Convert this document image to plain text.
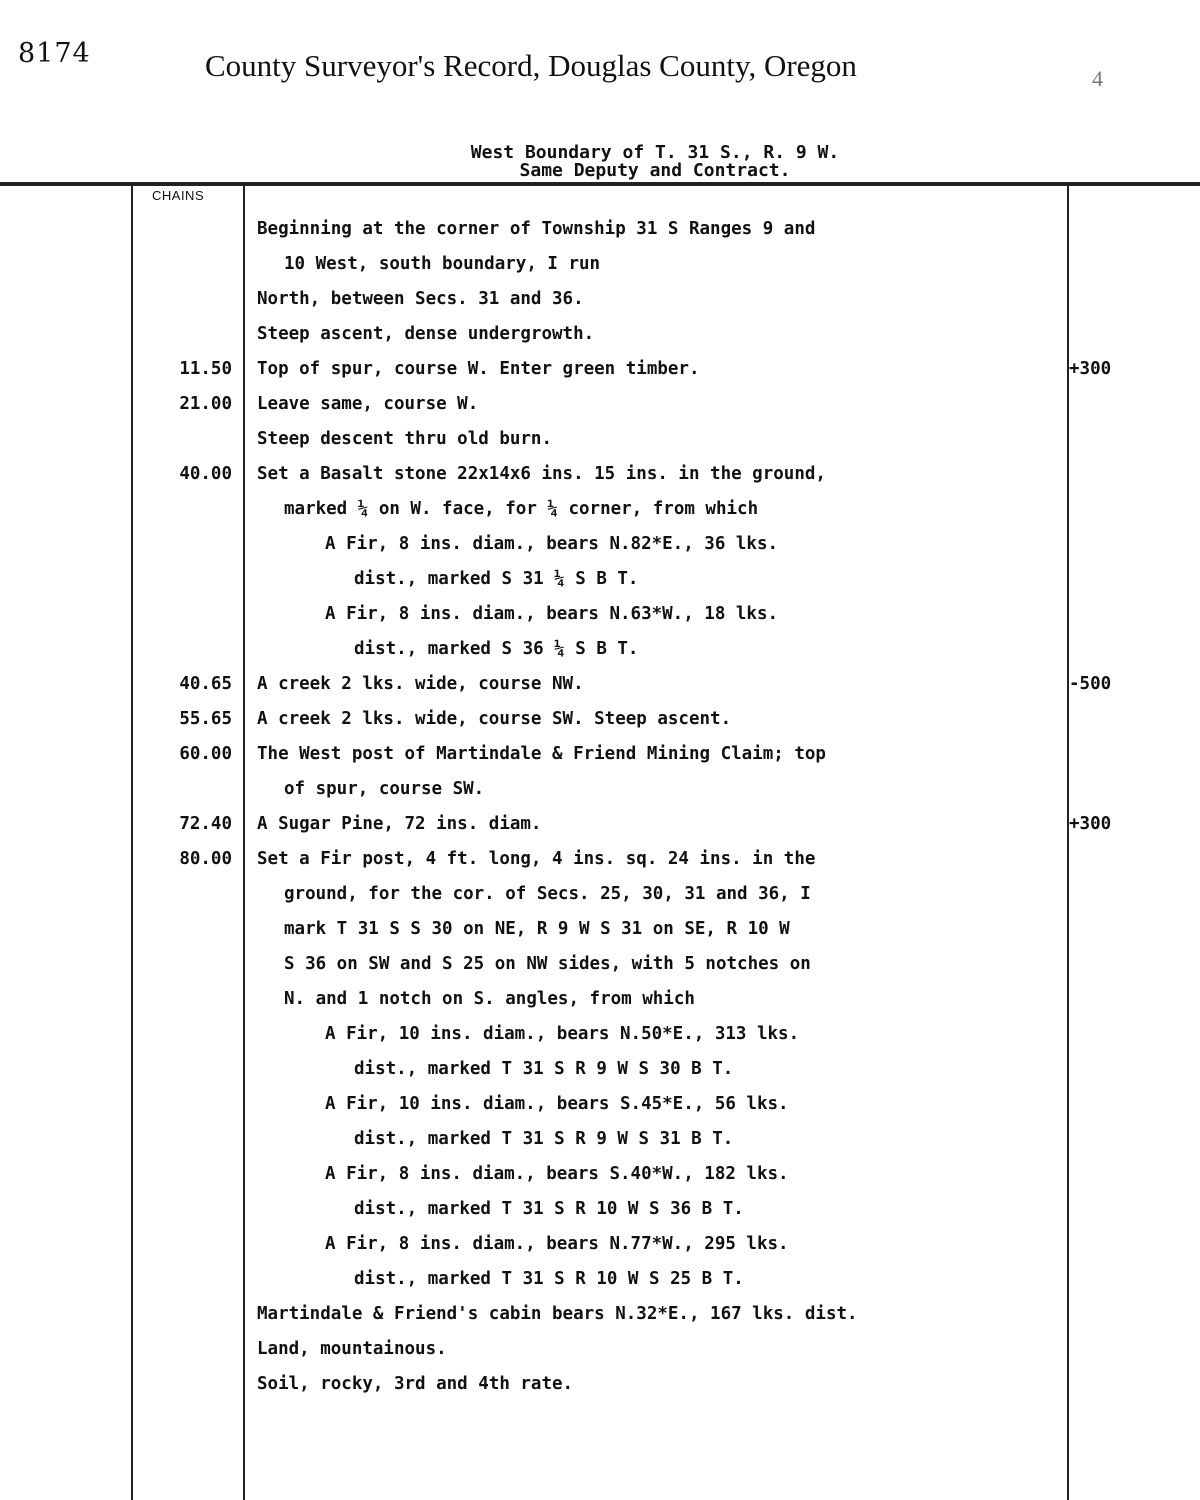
8174	County Surveyor's Record, Douglas County, Oregon	4
West Boundary of T. 31 S., R. 9 W.
Same Deputy and Contract.
CHAINS
Beginning at the corner of Township 31 S Ranges 9 and
10 West, south boundary, I run
North, between Secs. 31 and 36.
Steep ascent, dense undergrowth.
11.50 Top of spur, course W. Enter green timber.	+300
21.00 Leave same, course W.
Steep descent thru old burn.
40.00 Set a Basalt stone 22x14x6 ins. 15 ins. in the ground,
marked ¼ on W. face, for ¼ corner, from which
A Fir, 8 ins. diam., bears N.82*E., 36 lks.
dist., marked S 31 ¼ S B T.
A Fir, 8 ins. diam., bears N.63*W., 18 lks.
dist., marked S 36 ¼ S B T.
40.65 A creek 2 lks. wide, course NW.	-500
55.65 A creek 2 lks. wide, course SW. Steep ascent.
60.00 The West post of Martindale & Friend Mining Claim; top
of spur, course SW.
72.40 A Sugar Pine, 72 ins. diam.	+300
80.00 Set a Fir post, 4 ft. long, 4 ins. sq. 24 ins. in the
ground, for the cor. of Secs. 25, 30, 31 and 36, I
mark T 31 S S 30 on NE, R 9 W S 31 on SE, R 10 W
S 36 on SW and S 25 on NW sides, with 5 notches on
N. and 1 notch on S. angles, from which
A Fir, 10 ins. diam., bears N.50*E., 313 lks.
dist., marked T 31 S R 9 W S 30 B T.
A Fir, 10 ins. diam., bears S.45*E., 56 lks.
dist., marked T 31 S R 9 W S 31 B T.
A Fir, 8 ins. diam., bears S.40*W., 182 lks.
dist., marked T 31 S R 10 W S 36 B T.
A Fir, 8 ins. diam., bears N.77*W., 295 lks.
dist., marked T 31 S R 10 W S 25 B T.
Martindale & Friend's cabin bears N.32*E., 167 lks. dist.
Land, mountainous.
Soil, rocky, 3rd and 4th rate.
